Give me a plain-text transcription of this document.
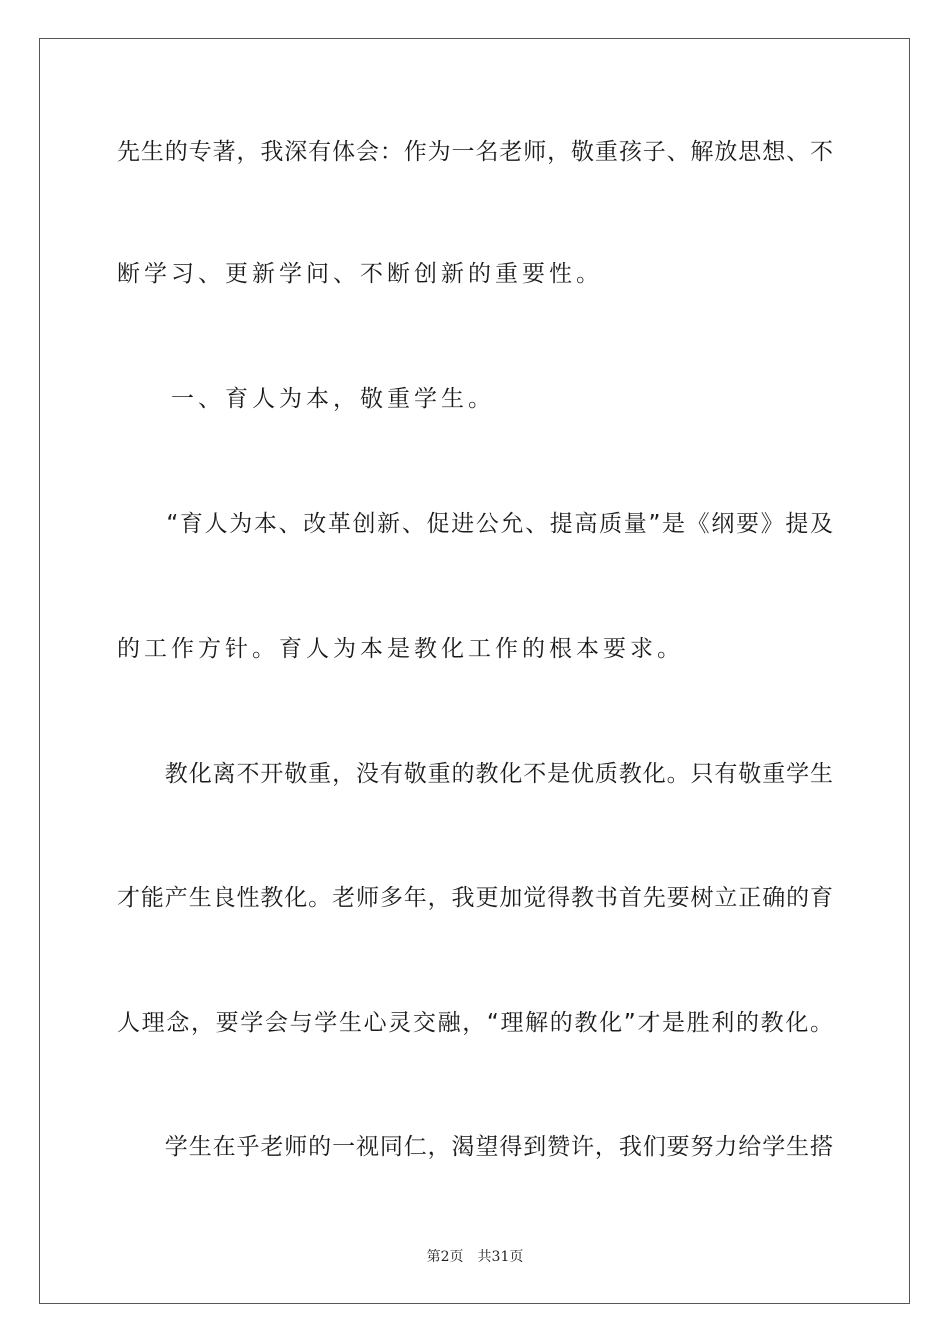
先生的专著，我深有体会：作为一名老师，敬重孩子、解放思想、不
断学习、更新学问、不断创新的重要性。
　　一、育人为本，敬重学生。
　　“育人为本、改革创新、促进公允、提高质量”是《纲要》提及
的工作方针。育人为本是教化工作的根本要求。
　　教化离不开敬重，没有敬重的教化不是优质教化。只有敬重学生
才能产生良性教化。老师多年，我更加觉得教书首先要树立正确的育
人理念，要学会与学生心灵交融，“理解的教化”才是胜利的教化。
　　学生在乎老师的一视同仁，渴望得到赞许，我们要努力给学生搭
第2页　共31页
